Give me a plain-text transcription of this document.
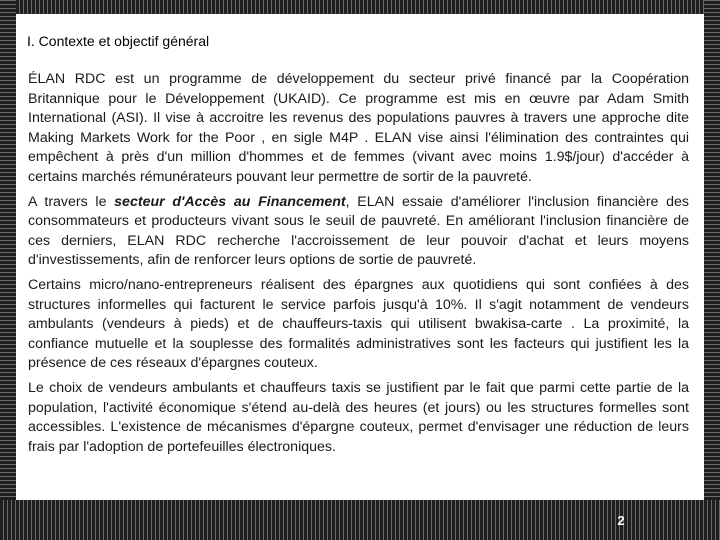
I. Contexte et objectif général

ÉLAN RDC est un programme de développement du secteur privé financé par la Coopération Britannique pour le Développement (UKAID). Ce programme est mis en œuvre par Adam Smith International (ASI). Il vise à accroitre les revenus des populations pauvres à travers une approche dite Making Markets Work for the Poor , en sigle M4P . ELAN vise ainsi l'élimination des contraintes qui empêchent à près d'un million d'hommes et de femmes (vivant avec moins 1.9$/jour) d'accéder à certains marchés rémunérateurs pouvant leur permettre de sortir de la pauvreté.

A travers le secteur d'Accès au Financement, ELAN essaie d'améliorer l'inclusion financière des consommateurs et producteurs vivant sous le seuil de pauvreté. En améliorant l'inclusion financière de ces derniers, ELAN RDC recherche l'accroissement de leur pouvoir d'achat et leurs moyens d'investissements, afin de renforcer leurs options de sortie de pauvreté.

Certains micro/nano-entrepreneurs réalisent des épargnes aux quotidiens qui sont confiées à des structures informelles qui facturent le service parfois jusqu'à 10%. Il s'agit notamment de vendeurs ambulants (vendeurs à pieds) et de chauffeurs-taxis qui utilisent bwakisa-carte . La proximité, la confiance mutuelle et la souplesse des formalités administratives sont les facteurs qui justifient les la présence de ces réseaux d'épargnes couteux.

Le choix de vendeurs ambulants et chauffeurs taxis se justifient par le fait que parmi cette partie de la population, l'activité économique s'étend au-delà des heures (et jours) ou les structures formelles sont accessibles. L'existence de mécanismes d'épargne couteux, permet d'envisager une réduction de leurs frais par l'adoption de portefeuilles électroniques.

2
